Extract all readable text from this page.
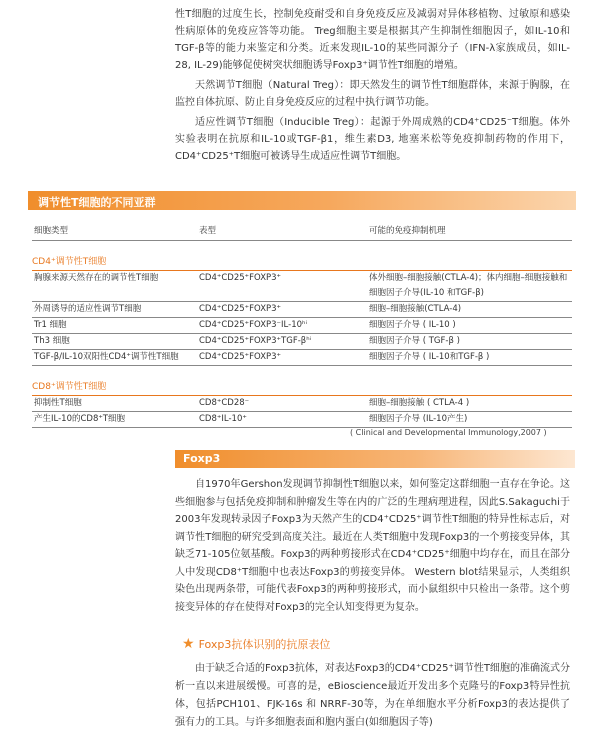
性T细胞的过度生长，控制免疫耐受和自身免疫反应及减弱对异体移植物、过敏原和感染性病原体的免疫应答等功能。 Treg细胞主要是根据其产生抑制性细胞因子，如IL-10和TGF-β等的能力来鉴定和分类。近来发现IL-10的某些同源分子（IFN-λ家族成员，如IL-28, IL-29)能够促使树突状细胞诱导Foxp3⁺调节性T细胞的增殖。

天然调节T细胞（Natural Treg）：即天然发生的调节性T细胞群体，来源于胸腺，在监控自体抗原、防止自身免疫反应的过程中执行调节功能。

适应性调节T细胞（Inducible Treg）：起源于外周成熟的CD4⁺CD25⁻T细胞。体外实验表明在抗原和IL-10或TGF-β1，维生素D3, 地塞米松等免疫抑制药物的作用下，CD4⁺CD25⁺T细胞可被诱导生成适应性调节T细胞。

调节性T细胞的不同亚群
细胞类型	表型	可能的免疫抑制机理
CD4⁺调节性T细胞
胸腺来源天然存在的调节性T细胞	CD4⁺CD25⁺FOXP3⁺	体外细胞–细胞接触(CTLA-4)；体内细胞–细胞接触和细胞因子介导(IL-10 和TGF-β)
外周诱导的适应性调节T细胞	CD4⁺CD25⁺FOXP3⁺	细胞–细胞接触(CTLA-4)
Tr1 细胞	CD4⁺CD25⁺FOXP3⁻IL-10ʰⁱ	细胞因子介导 ( IL-10 )
Th3 细胞	CD4⁺CD25⁺FOXP3⁺TGF-βʰⁱ	细胞因子介导 ( TGF-β )
TGF-β/IL-10双阳性CD4⁺调节性T细胞	CD4⁺CD25⁺FOXP3⁺	细胞因子介导 ( IL-10和TGF-β )
CD8⁺调节性T细胞
抑制性T细胞	CD8⁺CD28⁻	细胞–细胞接触 ( CTLA-4 )
产生IL-10的CD8⁺T细胞	CD8⁺IL-10⁺	细胞因子介导 (IL-10产生)
( Clinical and Developmental Immunology,2007 )
Foxp3

自1970年Gershon发现调节抑制性T细胞以来，如何鉴定这群细胞一直存在争论。这些细胞参与包括免疫抑制和肿瘤发生等在内的广泛的生理病理进程，因此S.Sakaguchi于2003年发现转录因子Foxp3为天然产生的CD4⁺CD25⁺调节性T细胞的特异性标志后，对调节性T细胞的研究受到高度关注。最近在人类T细胞中发现Foxp3的一个剪接变异体，其缺乏71-105位氨基酸。Foxp3的两种剪接形式在CD4⁺CD25⁺细胞中均存在，而且在部分人中发现CD8⁺T细胞中也表达Foxp3的剪接变异体。 Western blot结果显示，人类组织染色出现两条带，可能代表Foxp3的两种剪接形式，而小鼠组织中只检出一条带。这个剪接变异体的存在使得对Foxp3的完全认知变得更为复杂。

★ Foxp3抗体识别的抗原表位

由于缺乏合适的Foxp3抗体，对表达Foxp3的CD4⁺CD25⁺调节性T细胞的准确流式分析一直以来进展缓慢。可喜的是，eBioscience最近开发出多个克隆号的Foxp3特异性抗体，包括PCH101、FJK-16s 和 NRRF-30等，为在单细胞水平分析Foxp3的表达提供了强有力的工具。与许多细胞表面和胞内蛋白(如细胞因子等)
